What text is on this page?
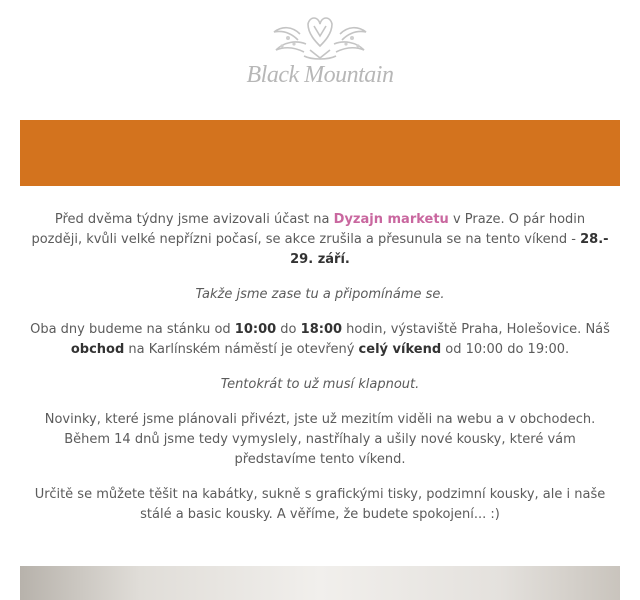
Black Mountain

Před dvěma týdny jsme avizovali účast na Dyzajn marketu v Praze. O pár hodin později, kvůli velké nepřízni počasí, se akce zrušila a přesunula se na tento víkend - 28.- 29. září.

Takže jsme zase tu a připomínáme se.

Oba dny budeme na stánku od 10:00 do 18:00 hodin, výstaviště Praha, Holešovice. Náš obchod na Karlínském náměstí je otevřený celý víkend od 10:00 do 19:00.

Tentokrát to už musí klapnout.

Novinky, které jsme plánovali přivézt, jste už mezitím viděli na webu a v obchodech. Během 14 dnů jsme tedy vymyslely, nastříhaly a ušily nové kousky, které vám představíme tento víkend.

Určitě se můžete těšit na kabátky, sukně s grafickými tisky, podzimní kousky, ale i naše stálé a basic kousky. A věříme, že budete spokojení... :)
